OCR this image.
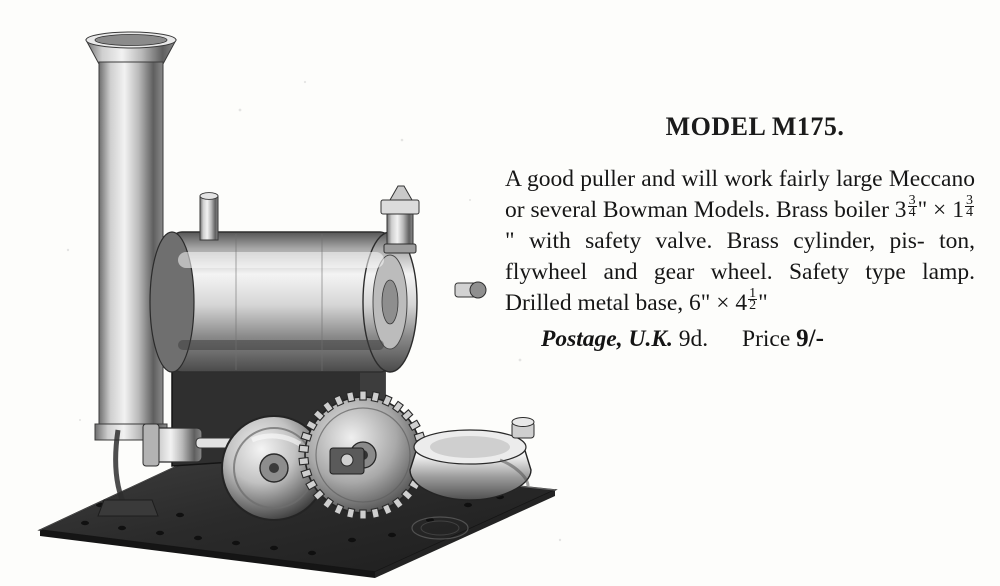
MODEL M175.

A good puller and will work fairly large Meccano or several Bowman Models. Brass boiler $3 \frac{3}{4}$ " × $1 \frac{3}{4}$
" with safety valve. Brass cylinder, pis- ton, flywheel and gear wheel. Safety type lamp. Drilled metal base, 6" × $4 \frac{1}{2}$ "

Postage, U.K. 9d. Price 9/-
